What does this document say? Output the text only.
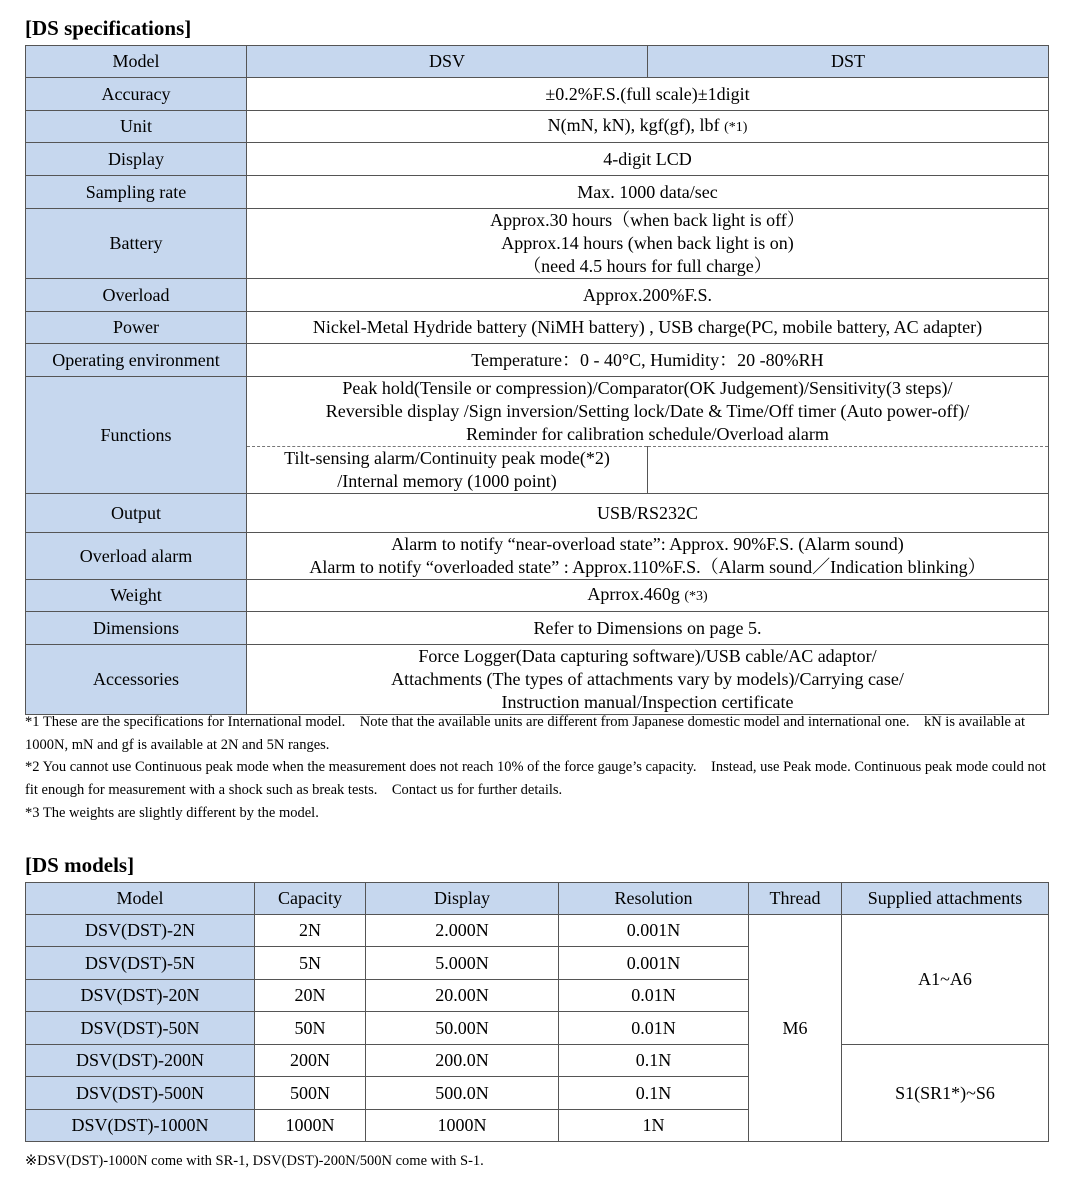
[DS specifications]
Model	DSV	DST
Accuracy	±0.2%F.S.(full scale)±1digit	
Unit	N(mN, kN), kgf(gf), lbf (*1)	
Display	4-digit LCD	
Sampling rate	Max. 1000 data/sec	
Battery	Approx.30 hours（when back light is off）
Approx.14 hours (when back light is on)
（need 4.5 hours for full charge）	

Overload	Approx.200%F.S.	
Power	Nickel-Metal Hydride battery (NiMH battery) , USB charge(PC, mobile battery, AC adapter)	
Operating environment	Temperature：0 - 40°C, Humidity：20 -80%RH	
Functions	Peak hold(Tensile or compression)/Comparator(OK Judgement)/Sensitivity(3 steps)/
Reversible display /Sign inversion/Setting lock/Date & Time/Off timer (Auto power-off)/
Reminder for calibration schedule/Overload alarm	

	Tilt-sensing alarm/Continuity peak mode(*2)
/Internal memory (1000 point)	

Output	USB/RS232C	
Overload alarm	Alarm to notify “near-overload state”: Approx. 90%F.S. (Alarm sound)
Alarm to notify “overloaded state” : Approx.110%F.S.（Alarm sound／Indication blinking）	

Weight	Aprrox.460g (*3)	
Dimensions	Refer to Dimensions on page 5.	
Accessories	Force Logger(Data capturing software)/USB cable/AC adaptor/
Attachments (The types of attachments vary by models)/Carrying case/
Instruction manual/Inspection certificate	

*1 These are the specifications for International model.　Note that the available units are different from Japanese domestic model and international one.　kN is available at 1000N, mN and gf is available at 2N and 5N ranges.

*2 You cannot use Continuous peak mode when the measurement does not reach 10% of the force gauge’s capacity.　Instead, use Peak mode. Continuous peak mode could not fit enough for measurement with a shock such as break tests.　Contact us for further details.

*3 The weights are slightly different by the model.

[DS models]
Model	Capacity	Display	Resolution	Thread	Supplied attachments
DSV(DST)-2N	2N	2.000N	0.001N	M6	A1~A6
DSV(DST)-5N	5N	5.000N	0.001N		
DSV(DST)-20N	20N	20.00N	0.01N		
DSV(DST)-50N	50N	50.00N	0.01N		
DSV(DST)-200N	200N	200.0N	0.1N		S1(SR1*)~S6
DSV(DST)-500N	500N	500.0N	0.1N		
DSV(DST)-1000N	1000N	1000N	1N		
※DSV(DST)-1000N come with SR-1, DSV(DST)-200N/500N come with S-1.
